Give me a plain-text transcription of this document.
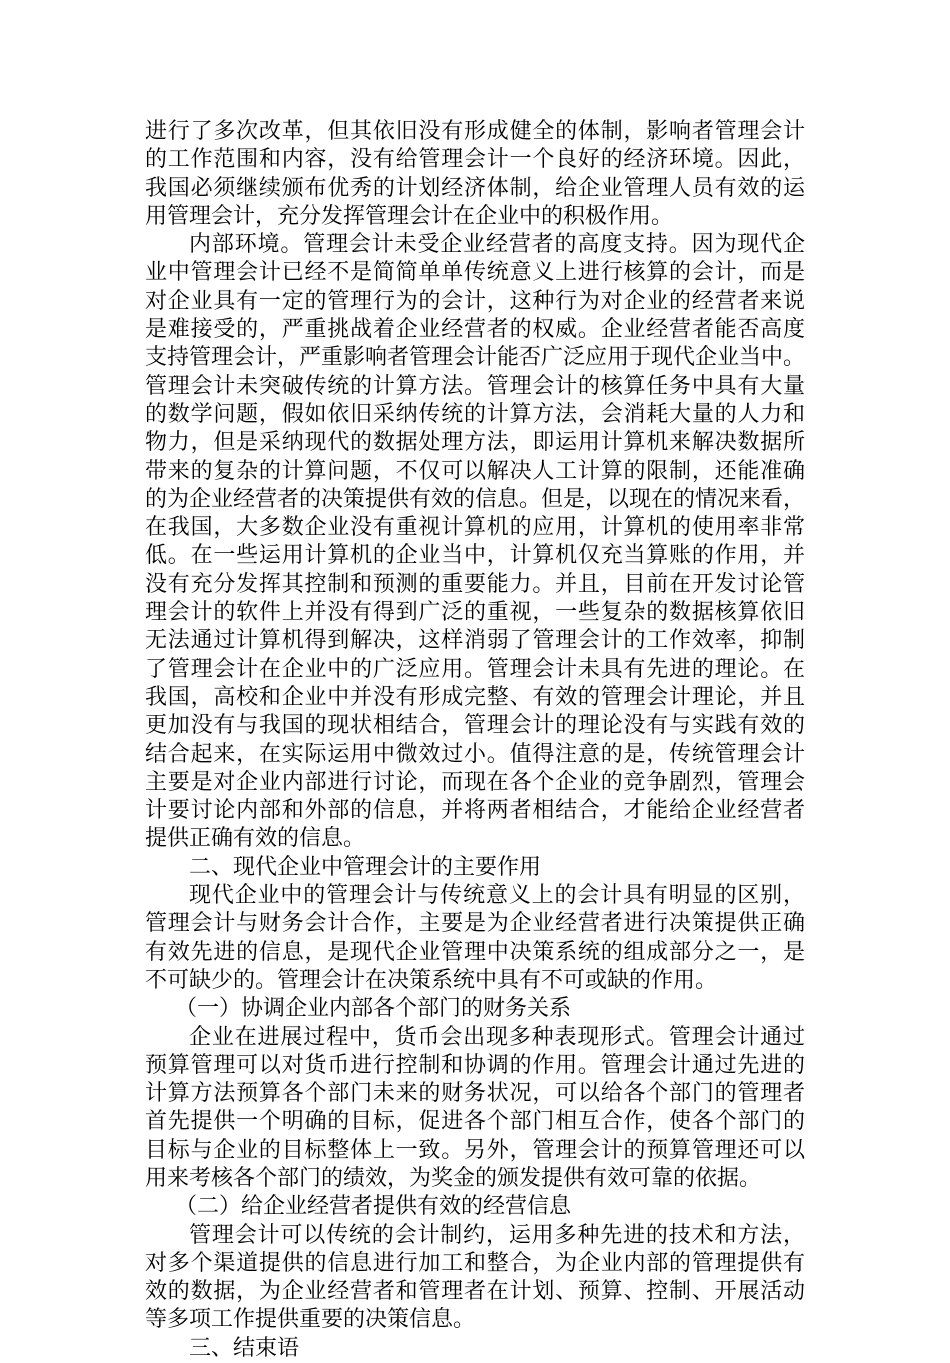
进行了多次改革，但其依旧没有形成健全的体制，影响者管理会计
的工作范围和内容，没有给管理会计一个良好的经济环境。因此，
我国必须继续颁布优秀的计划经济体制，给企业管理人员有效的运
用管理会计，充分发挥管理会计在企业中的积极作用。
内部环境。管理会计未受企业经营者的高度支持。因为现代企
业中管理会计已经不是简简单单传统意义上进行核算的会计，而是
对企业具有一定的管理行为的会计，这种行为对企业的经营者来说
是难接受的，严重挑战着企业经营者的权威。企业经营者能否高度
支持管理会计，严重影响者管理会计能否广泛应用于现代企业当中。
管理会计未突破传统的计算方法。管理会计的核算任务中具有大量
的数学问题，假如依旧采纳传统的计算方法，会消耗大量的人力和
物力，但是采纳现代的数据处理方法，即运用计算机来解决数据所
带来的复杂的计算问题，不仅可以解决人工计算的限制，还能准确
的为企业经营者的决策提供有效的信息。但是，以现在的情况来看，
在我国，大多数企业没有重视计算机的应用，计算机的使用率非常
低。在一些运用计算机的企业当中，计算机仅充当算账的作用，并
没有充分发挥其控制和预测的重要能力。并且，目前在开发讨论管
理会计的软件上并没有得到广泛的重视，一些复杂的数据核算依旧
无法通过计算机得到解决，这样消弱了管理会计的工作效率，抑制
了管理会计在企业中的广泛应用。管理会计未具有先进的理论。在
我国，高校和企业中并没有形成完整、有效的管理会计理论，并且
更加没有与我国的现状相结合，管理会计的理论没有与实践有效的
结合起来，在实际运用中微效过小。值得注意的是，传统管理会计
主要是对企业内部进行讨论，而现在各个企业的竞争剧烈，管理会
计要讨论内部和外部的信息，并将两者相结合，才能给企业经营者
提供正确有效的信息。
二、现代企业中管理会计的主要作用
现代企业中的管理会计与传统意义上的会计具有明显的区别，
管理会计与财务会计合作，主要是为企业经营者进行决策提供正确
有效先进的信息，是现代企业管理中决策系统的组成部分之一，是
不可缺少的。管理会计在决策系统中具有不可或缺的作用。
（一）协调企业内部各个部门的财务关系
企业在进展过程中，货币会出现多种表现形式。管理会计通过
预算管理可以对货币进行控制和协调的作用。管理会计通过先进的
计算方法预算各个部门未来的财务状况，可以给各个部门的管理者
首先提供一个明确的目标，促进各个部门相互合作，使各个部门的
目标与企业的目标整体上一致。另外，管理会计的预算管理还可以
用来考核各个部门的绩效，为奖金的颁发提供有效可靠的依据。
（二）给企业经营者提供有效的经营信息
管理会计可以传统的会计制约，运用多种先进的技术和方法，
对多个渠道提供的信息进行加工和整合，为企业内部的管理提供有
效的数据，为企业经营者和管理者在计划、预算、控制、开展活动
等多项工作提供重要的决策信息。
三、结束语
